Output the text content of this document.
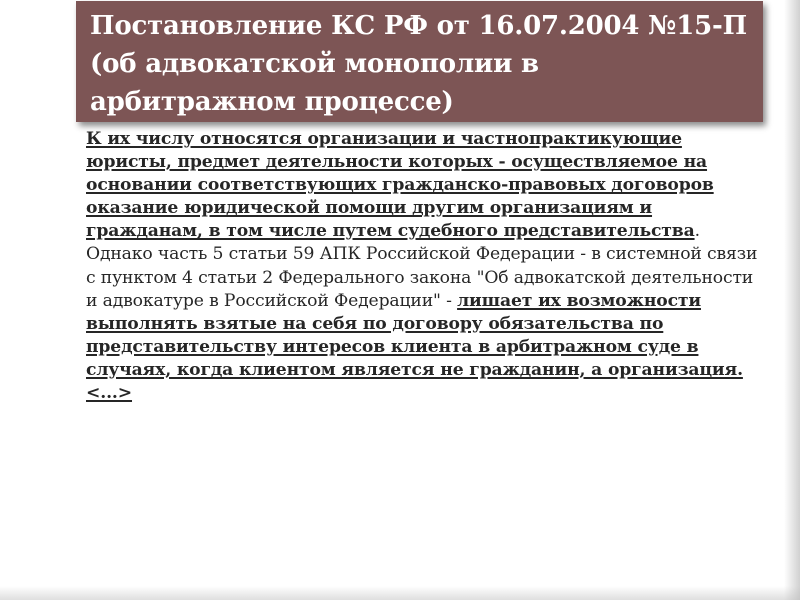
Постановление КС РФ от 16.07.2004 №15-П (об адвокатской монополии в арбитражном процессе)

К их числу относятся организации и частнопрактикующие юристы, предмет деятельности которых - осуществляемое на основании соответствующих гражданско-правовых договоров оказание юридической помощи другим организациям и гражданам, в том числе путем судебного представительства. Однако часть 5 статьи 59 АПК Российской Федерации - в системной связи с пунктом 4 статьи 2 Федерального закона "Об адвокатской деятельности и адвокатуре в Российской Федерации" - лишает их возможности выполнять взятые на себя по договору обязательства по представительству интересов клиента в арбитражном суде в случаях, когда клиентом является не гражданин, а организация. <...>
